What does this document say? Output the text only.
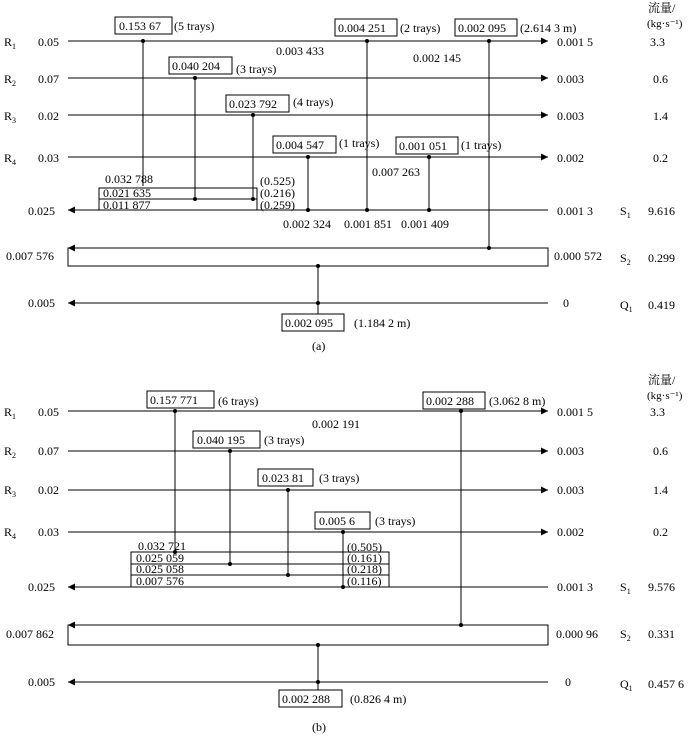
流量/
(kg·s⁻¹)
流量/
(kg·s⁻¹)
$R_1$ 0.05	0.001 5	3.3
$R_2$ 0.07	0.003	0.6
$R_3$ 0.02	0.003	1.4
$R_4$ 0.03	0.002	0.2
0.025	0.001 3 $S_1$ 9.616
0.007 576	0.000 572 $S_2$ 0.299
0.005	0	$Q_1$ 0.419
0.032 788
0.021 635
0.011 877
(0.525)
(0.216)
(0.259)
0.153 67 (5 trays)
0.040 204 (3 trays)
0.023 792 (4 trays)
0.004 547 (1 trays) 0.001 051 (1 trays)
0.004 251 (2 trays) 0.002 095 (2.614 3 m)
0.002 095 (1.184 2 m)
0.003 433	0.002 145
0.007 263
0.002 324 0.001 851 0.001 409
(a)
$R_1$ 0.05	0.001 5	3.3
$R_2$ 0.07	0.003	0.6
$R_3$ 0.02	0.003	1.4
$R_4$ 0.03	0.002	0.2
0.025	0.001 3 $S_1$ 9.576
0.007 862	0.000 96 $S_2$ 0.331
0.005	0	$Q_1$ 0.457 6
0.032 721
0.025 059
0.025 058
0.007 576
(0.505)
(0.161)
(0.218)
(0.116)
0.157 771 (6 trays)
0.040 195 (3 trays)
0.023 81 (3 trays)
0.005 6 (3 trays)
0.002 288 (3.062 8 m)
0.002 288 (0.826 4 m)
0.002 191
(b)
